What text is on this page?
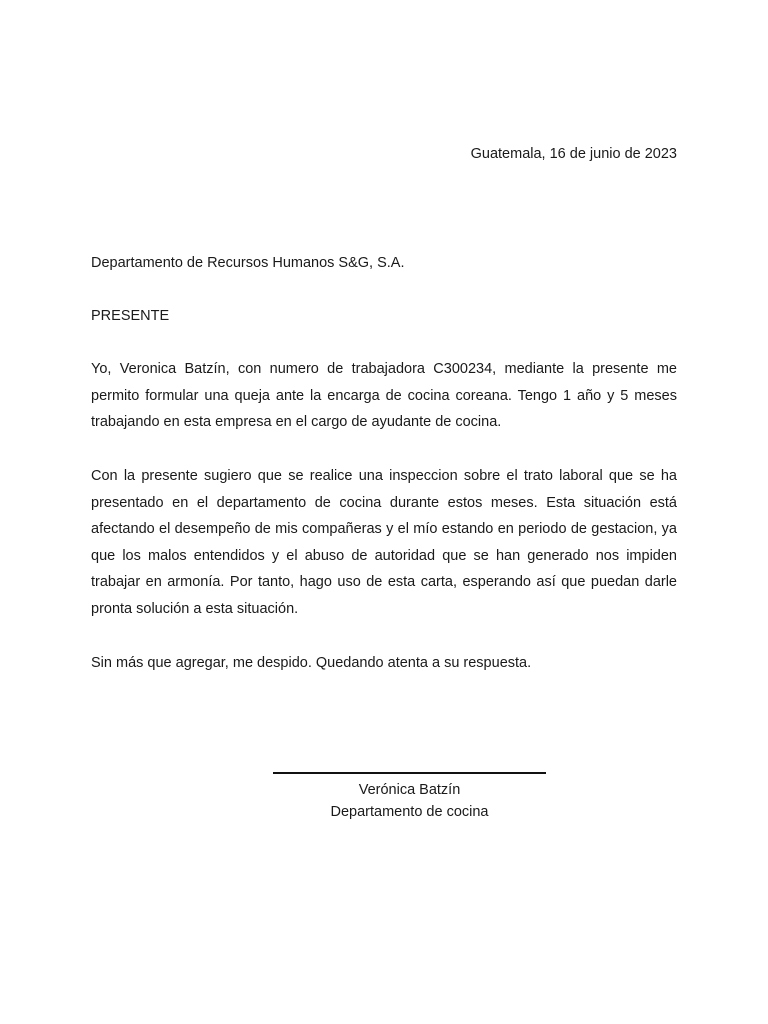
Guatemala, 16 de junio de 2023
Departamento de Recursos Humanos S&G, S.A.
PRESENTE
Yo, Veronica Batzín, con numero de trabajadora C300234, mediante la presente me permito formular una queja ante la encarga de cocina coreana. Tengo 1 año y 5 meses trabajando en esta empresa en el cargo de ayudante de cocina.
Con la presente sugiero que se realice una inspeccion sobre el trato laboral que se ha presentado en el departamento de cocina durante estos meses. Esta situación está afectando el desempeño de mis compañeras y el mío estando en periodo de gestacion, ya que los malos entendidos y el abuso de autoridad que se han generado nos impiden trabajar en armonía. Por tanto, hago uso de esta carta, esperando así que puedan darle pronta solución a esta situación.
Sin más que agregar, me despido. Quedando atenta a su respuesta.
Verónica Batzín
Departamento de cocina
